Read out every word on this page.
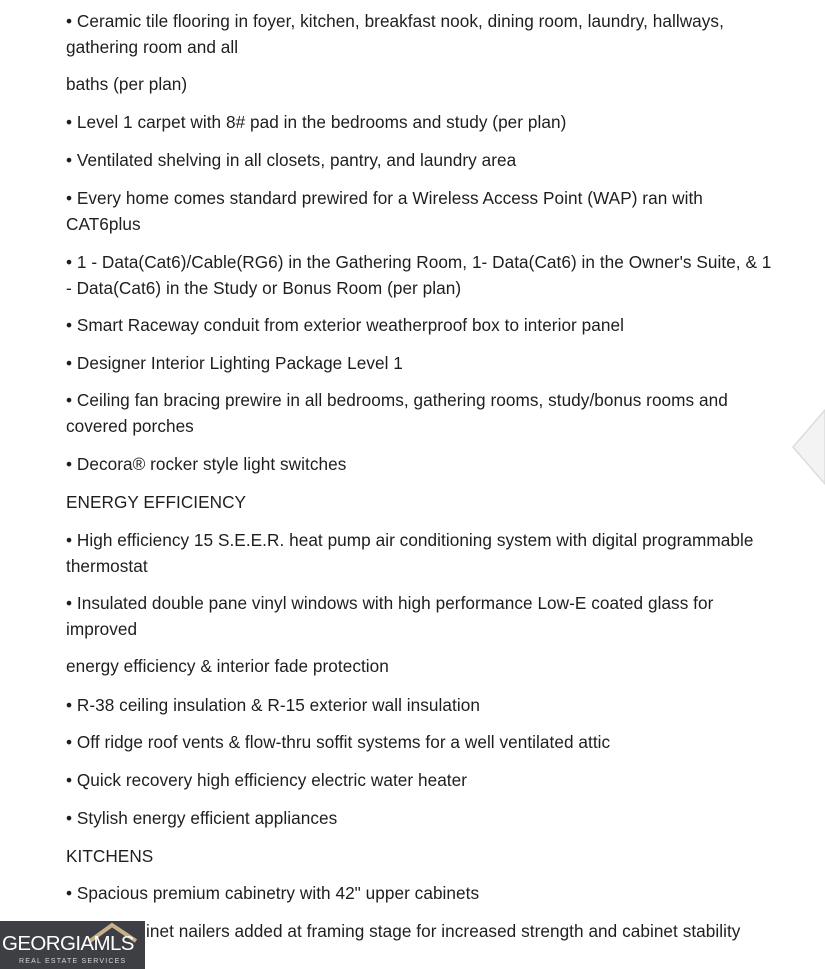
• Ceramic tile flooring in foyer, kitchen, breakfast nook, dining room, laundry, hallways, gathering room and all
baths (per plan)
• Level 1 carpet with 8# pad in the bedrooms and study (per plan)
• Ventilated shelving in all closets, pantry, and laundry area
• Every home comes standard prewired for a Wireless Access Point (WAP) ran with CAT6plus
• 1 - Data(Cat6)/Cable(RG6) in the Gathering Room, 1- Data(Cat6) in the Owner's Suite, & 1 - Data(Cat6) in the Study or Bonus Room (per plan)
• Smart Raceway conduit from exterior weatherproof box to interior panel
• Designer Interior Lighting Package Level 1
• Ceiling fan bracing prewire in all bedrooms, gathering rooms, study/bonus rooms and covered porches
• Decora® rocker style light switches
ENERGY EFFICIENCY
• High efficiency 15 S.E.E.R. heat pump air conditioning system with digital programmable thermostat
• Insulated double pane vinyl windows with high performance Low-E coated glass for improved
energy efficiency & interior fade protection
• R-38 ceiling insulation & R-15 exterior wall insulation
• Off ridge roof vents & flow-thru soffit systems for a well ventilated attic
• Quick recovery high efficiency electric water heater
• Stylish energy efficient appliances
KITCHENS
• Spacious premium cabinetry with 42" upper cabinets
inet nailers added at framing stage for increased strength and cabinet stability
GEORGIAMLS
REAL ESTATE SERVICES
